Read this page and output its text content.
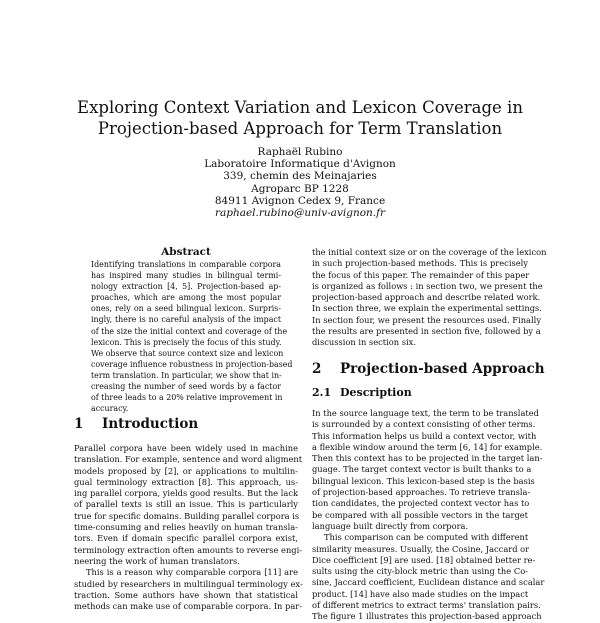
Exploring Context Variation and Lexicon Coverage in
Projection-based Approach for Term Translation
Raphaël Rubino
Laboratoire Informatique d'Avignon
339, chemin des Meinajaries
Agroparc BP 1228
84911 Avignon Cedex 9, France
raphael.rubino@univ-avignon.fr
Abstract
Identifying translations in comparable corpora
has inspired many studies in bilingual termi-
nology extraction [4, 5]. Projection-based ap-
proaches, which are among the most popular
ones, rely on a seed bilingual lexicon. Surpris-
ingly, there is no careful analysis of the impact
of the size the initial context and coverage of the
lexicon. This is precisely the focus of this study.
We observe that source context size and lexicon
coverage influence robustness in projection-based
term translation. In particular, we show that in-
creasing the number of seed words by a factor
of three leads to a 20% relative improvement in
accuracy.
1 Introduction
Parallel corpora have been widely used in machine
translation. For example, sentence and word aligment
models proposed by [2], or applications to multilin-
gual terminology extraction [8]. This approach, us-
ing parallel corpora, yields good results. But the lack
of parallel texts is still an issue. This is particularly
true for specific domains. Building parallel corpora is
time-consuming and relies heavily on human transla-
tors. Even if domain specific parallel corpora exist,
terminology extraction often amounts to reverse engi-
neering the work of human translators.
This is a reason why comparable corpora [11] are
studied by researchers in multilingual terminology ex-
traction. Some authors have shown that statistical
methods can make use of comparable corpora. In par-
the initial context size or on the coverage of the lexicon
in such projection-based methods. This is precisely
the focus of this paper. The remainder of this paper
is organized as follows : in section two, we present the
projection-based approach and describe related work.
In section three, we explain the experimental settings.
In section four, we present the resources used. Finally
the results are presented in section five, followed by a
discussion in section six.
2 Projection-based Approach
2.1 Description
In the source language text, the term to be translated
is surrounded by a context consisting of other terms.
This information helps us build a context vector, with
a flexible window around the term [6, 14] for example.
Then this context has to be projected in the target lan-
guage. The target context vector is built thanks to a
bilingual lexicon. This lexicon-based step is the basis
of projection-based approaches. To retrieve transla-
tion candidates, the projected context vector has to
be compared with all possible vectors in the target
language built directly from corpora.
This comparison can be computed with different
similarity measures. Usually, the Cosine, Jaccard or
Dice coefficient [9] are used. [18] obtained better re-
sults using the city-block metric than using the Co-
sine, Jaccard coefficient, Euclidean distance and scalar
product. [14] have also made studies on the impact
of different metrics to extract terms' translation pairs.
The figure 1 illustrates this projection-based approach
